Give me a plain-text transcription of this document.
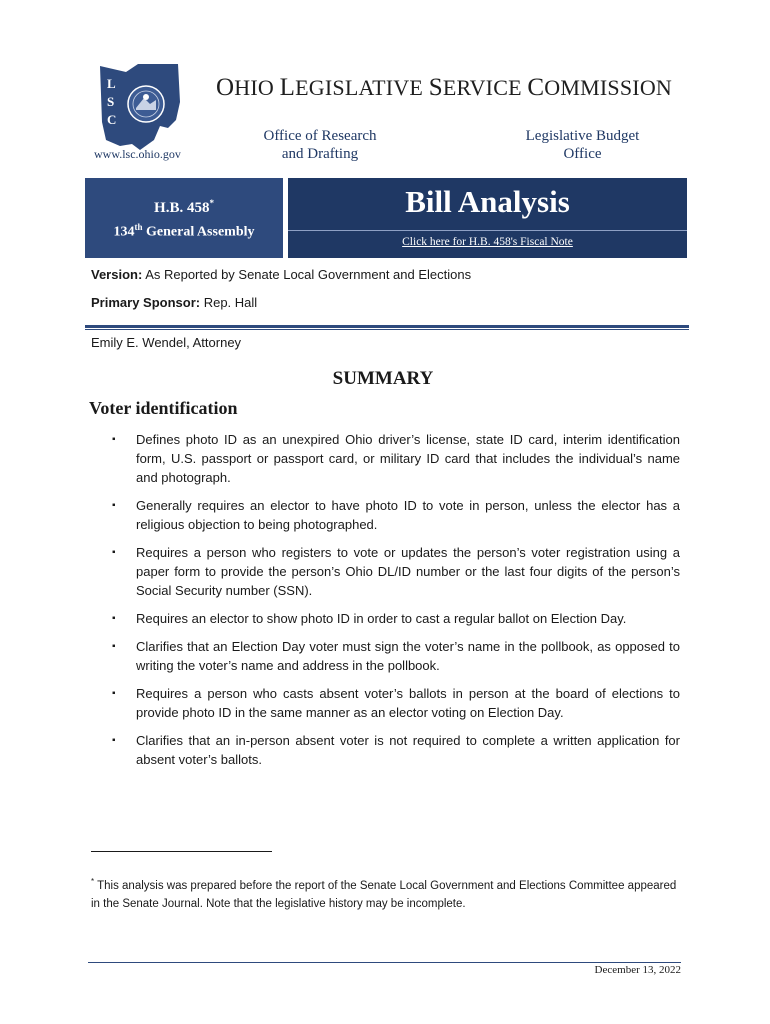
L
S
C
OHIO LEGISLATIVE SERVICE COMMISSION
www.lsc.ohio.gov
Office of Research
and Drafting
Legislative Budget
Office
H.B. 458*
134th General Assembly
Bill Analysis
Click here for H.B. 458's Fiscal Note
Version: As Reported by Senate Local Government and Elections
Primary Sponsor: Rep. Hall
Emily E. Wendel, Attorney
SUMMARY
Voter identification
▪ Defines photo ID as an unexpired Ohio driver’s license, state ID card, interim identification form, U.S. passport or passport card, or military ID card that includes the individual’s name and photograph.
▪ Generally requires an elector to have photo ID to vote in person, unless the elector has a religious objection to being photographed.
▪ Requires a person who registers to vote or updates the person’s voter registration using a paper form to provide the person’s Ohio DL/ID number or the last four digits of the person’s Social Security number (SSN).
▪ Requires an elector to show photo ID in order to cast a regular ballot on Election Day.
▪ Clarifies that an Election Day voter must sign the voter’s name in the pollbook, as opposed to writing the voter’s name and address in the pollbook.
▪ Requires a person who casts absent voter’s ballots in person at the board of elections to provide photo ID in the same manner as an elector voting on Election Day.
▪ Clarifies that an in-person absent voter is not required to complete a written application for absent voter’s ballots.
* This analysis was prepared before the report of the Senate Local Government and Elections Committee appeared in the Senate Journal. Note that the legislative history may be incomplete.
December 13, 2022
